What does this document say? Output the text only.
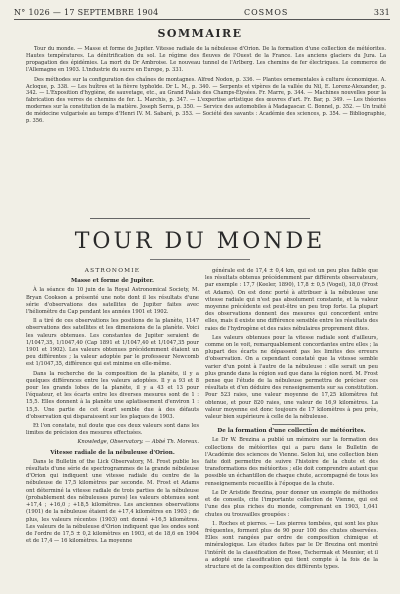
N° 1026 — 17 SEPTEMBRE 1904	COSMOS	331
SOMMAIRE

Tour du monde. — Masse et forme de Jupiter. Vitesse radiale de la nébuleuse d'Orion. De la formation d'une collection de météorites. Hautes températures. La dénitrification du sol. Le régime des fleuves de l'Ouest de la France. Les anciens glaciers du Jura. La propagation des épidémies. La mort du Dr Ambroise. Le nouveau tunnel de l'Arlberg. Les chemins de fer électriques. Le commerce de l'Allemagne en 1903. L'industrie du sucre en Europe, p. 331.

Des méthodes sur la configuration des chaînes de montagnes. Alfred Nodon, p. 336. — Plantes ornementales à culture économique. A. Acloque, p. 338. — Les huîtres et la fièvre typhoïde. Dr L. M., p. 340. — Serpents et vipères de la vallée du Nil, E. Lorenz-Alexander, p. 342. — L'Exposition d'hygiène, de sauvetage, etc., au Grand Palais des Champs-Élysées. Fr. Marre, p. 344. — Machines nouvelles pour la fabrication des verres de chemins de fer. L. Marchis, p. 347. — L'expertise artistique des œuvres d'art. Fr. Bar, p. 349. — Les théories modernes sur la constitution de la matière. Joseph Serra, p. 350. — Service des automobiles à Madagascar. C. Bonnel, p. 352. — Un traité de médecine vulgarisée au temps d'Henri IV. M. Sabaré, p. 353. — Société des savants : Académie des sciences, p. 354. — Bibliographie, p. 356.

TOUR DU MONDE
ASTRONOMIE
Masse et forme de Jupiter.

À la séance du 10 juin de la Royal Astronomical Society, M. Bryan Cookson a présenté une note dont il les résultats d'une série d'observations des satellites de Jupiter faites avec l'héliomètre du Cap pendant les années 1901 et 1902.

Il a tiré de ces observations les positions de la planète, 1147 observations des satellites et les dimensions de la planète. Voici les valeurs obtenues. Les constantes de Jupiter seraient de 1/1047,35, 1/1047,40 (Cap 1891 et 1/1047,40 et 1/1047,35 pour 1901 et 1902). Les valeurs obtenues précédemment étaient un peu différentes ; la valeur adoptée par le professeur Newcomb est 1/1047,35, différence qui est minime en elle-même.

Dans la recherche de la composition de la planète, il y a quelques différences entre les valeurs adoptées. Il y a 93 et 8 pour les grands lobes de la planète, il y a 43 et 13 pour l'équateur, et les écarts entre les diverses mesures sont de 1 : 15,5. Elles donnent à la planète une aplatissement d'environ 1 : 15,5. Une partie de cet écart semble due à des défauts d'observation qui disparaissent sur les plaques de 1903.

Et l'on constate, nul doute que ces deux valeurs sont dans les limites de précision des mesures effectuées.

Knowledge, Observatory. — Abbé Th. Moreux.

Vitesse radiale de la nébuleuse d'Orion.

Dans le Bulletin of the Lick Observatory, M. Frost publie les résultats d'une série de spectrogrammes de la grande nébuleuse d'Orion qui indiquent une vitesse radiale du centre de la nébuleuse de 17,5 kilomètres par seconde. M. Frost et Adams ont déterminé la vitesse radiale de trois parties de la nébuleuse (probablement des nébuleuses pures) les valeurs obtenues sont +17,4 ; +16,0 ; +18,5 kilomètres. Les anciennes observations (1901) de la nébuleuse étaient de +17,4 kilomètres en 1903 ; de plus, les valeurs récentes (1903) ont donné +16,5 kilomètres. Les valeurs de la nébuleuse d'Orion indiquent que les ondes sont de l'ordre de 17,5 ± 0,2 kilomètres en 1903, et de 18,6 en 1904 et de 17,4 — 16 kilomètres. La moyenne

générale est de 17,4 ± 0,4 km, qui est un peu plus faible que les résultats obtenus précédemment par différents observateurs, par exemple : 17,7 (Keeler, 1890), 17,8 ± 0,5 (Vogel), 18,0 (Frost et Adams). On est donc porté à attribuer à la nébuleuse une vitesse radiale qui n'est pas absolument constante, et la valeur moyenne précédente est peut-être un peu trop forte. La plupart des observations donnent des mesures qui concordent entre elles, mais il existe une différence sensible entre les résultats des raies de l'hydrogène et des raies nébulaires proprement dites.

Les valeurs obtenues pour la vitesse radiale sont d'ailleurs, comme on le voit, remarquablement concordantes entre elles ; la plupart des écarts ne dépassent pas les limites des erreurs d'observation. On a cependant constaté que la vitesse semble varier d'un point à l'autre de la nébuleuse : elle serait un peu plus grande dans la région sud que dans la région nord. M. Frost pense que l'étude de la nébuleuse permettra de préciser ces résultats et d'en déduire des renseignements sur sa constitution. Pour 523 raies, une valeur moyenne de 17,25 kilomètres fut obtenue, et pour 820 raies, une valeur de 16,9 kilomètres. La valeur moyenne est donc toujours de 17 kilomètres à peu près, valeur bien supérieure à celle de la nébuleuse.

De la formation d'une collection de météorites.

Le Dr W. Brezina a publié un mémoire sur la formation des collections de météorites qui a paru dans le Bulletin de l'Académie des sciences de Vienne. Selon lui, une collection bien faite doit permettre de suivre l'histoire de la chute et des transformations des météorites ; elle doit comprendre autant que possible un échantillon de chaque chute, accompagné de tous les renseignements recueillis à l'époque de la chute.

Le Dr Aristide Brezina, pour donner un exemple de méthodes et de conseils, cite l'importante collection de Vienne, qui est l'une des plus riches du monde, comprenant en 1903, 1,041 chutes ou trouvailles groupées :

1. Roches et pierres. — Les pierres tombées, qui sont les plus fréquentes, forment plus de 90 pour 100 des chutes observées. Elles sont rangées par ordre de composition chimique et minéralogique. Les études faites par le Dr Brezina ont montré l'intérêt de la classification de Rose, Tschermak et Meunier, et il a adopté une classification qui tient compte à la fois de la structure et de la composition des différents types.
